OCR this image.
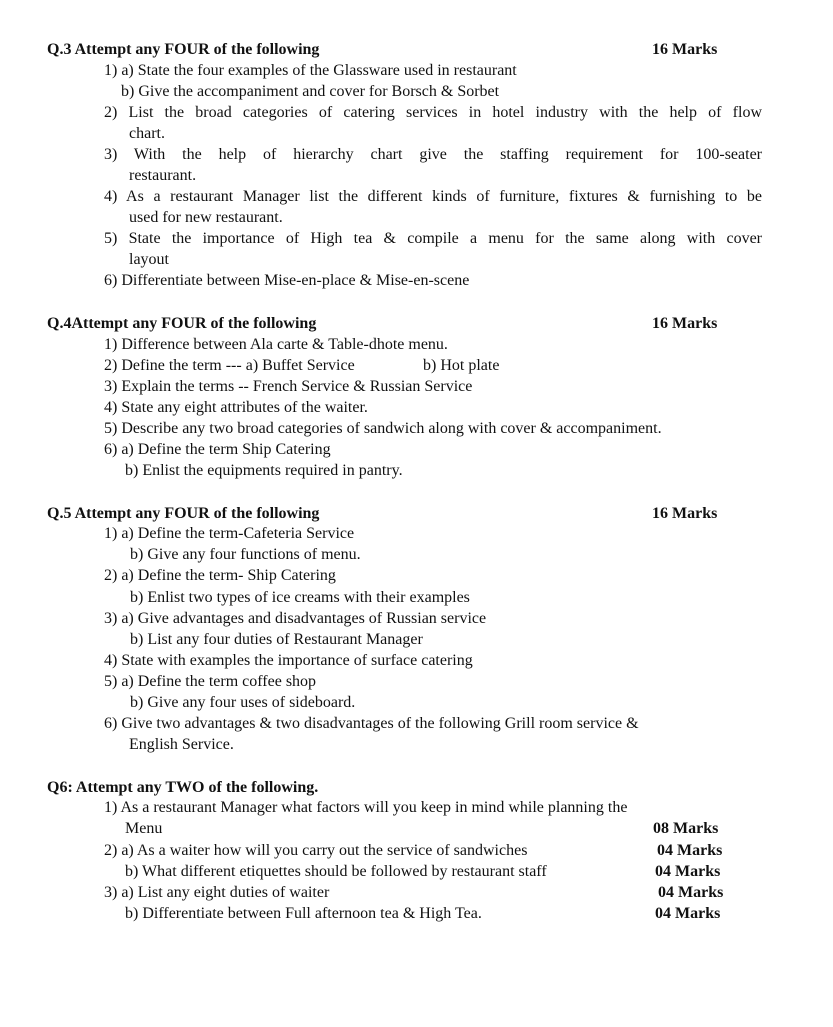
Q.3 Attempt any FOUR of the following	16 Marks
1) a) State the four examples of the Glassware used in restaurant
b) Give the accompaniment and cover for Borsch & Sorbet
2) List the broad categories of catering services in hotel industry with the help of flow
chart.
3) With the help of hierarchy chart give the staffing requirement for 100-seater
restaurant.
4) As a restaurant Manager list the different kinds of furniture, fixtures & furnishing to be
used for new restaurant.
5) State the importance of High tea & compile a menu for the same along with cover
layout
6) Differentiate between Mise-en-place & Mise-en-scene
Q.4Attempt any FOUR of the following	16 Marks
1) Difference between Ala carte & Table-dhote menu.
2) Define the term --- a) Buffet Service	b) Hot plate
3) Explain the terms -- French Service & Russian Service
4) State any eight attributes of the waiter.
5) Describe any two broad categories of sandwich along with cover & accompaniment.
6) a) Define the term Ship Catering
b) Enlist the equipments required in pantry.
Q.5 Attempt any FOUR of the following	16 Marks
1) a) Define the term-Cafeteria Service
b) Give any four functions of menu.
2) a) Define the term- Ship Catering
b) Enlist two types of ice creams with their examples
3) a) Give advantages and disadvantages of Russian service
b) List any four duties of Restaurant Manager
4) State with examples the importance of surface catering
5) a) Define the term coffee shop
b) Give any four uses of sideboard.
6) Give two advantages & two disadvantages of the following Grill room service &
English Service.
Q6: Attempt any TWO of the following.
1) As a restaurant Manager what factors will you keep in mind while planning the
Menu	08 Marks
2) a) As a waiter how will you carry out the service of sandwiches	04 Marks
b) What different etiquettes should be followed by restaurant staff	04 Marks
3) a) List any eight duties of waiter	04 Marks
b) Differentiate between Full afternoon tea & High Tea.	04 Marks
